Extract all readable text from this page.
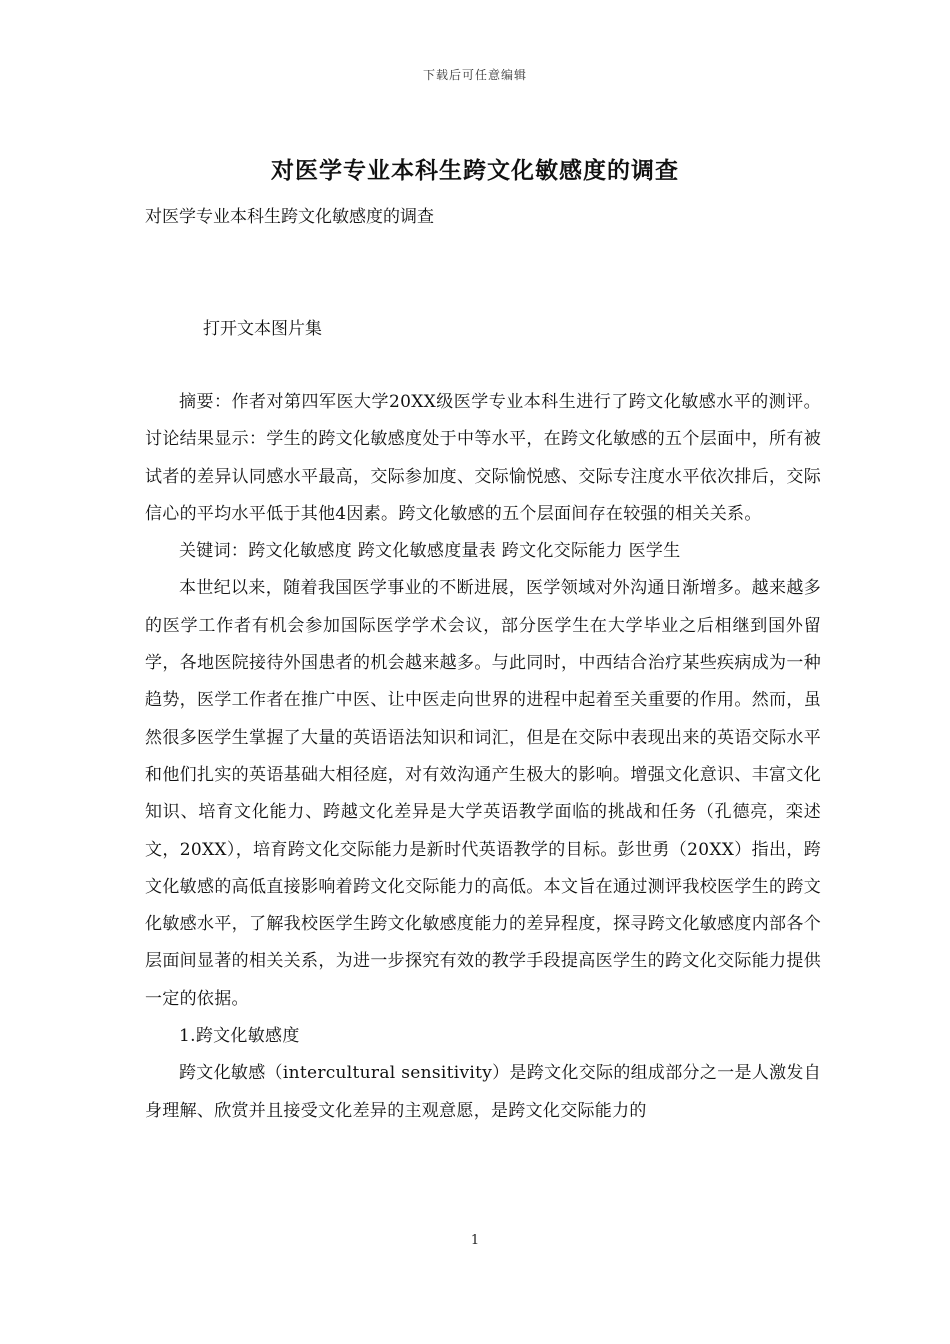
下载后可任意编辑
对医学专业本科生跨文化敏感度的调查
对医学专业本科生跨文化敏感度的调查
打开文本图片集

摘要：作者对第四军医大学20XX级医学专业本科生进行了跨文化敏感水平的测评。讨论结果显示：学生的跨文化敏感度处于中等水平，在跨文化敏感的五个层面中，所有被试者的差异认同感水平最高，交际参加度、交际愉悦感、交际专注度水平依次排后，交际信心的平均水平低于其他4因素。跨文化敏感的五个层面间存在较强的相关关系。

关键词：跨文化敏感度 跨文化敏感度量表 跨文化交际能力 医学生

本世纪以来，随着我国医学事业的不断进展，医学领域对外沟通日渐增多。越来越多的医学工作者有机会参加国际医学学术会议，部分医学生在大学毕业之后相继到国外留学，各地医院接待外国患者的机会越来越多。与此同时，中西结合治疗某些疾病成为一种趋势，医学工作者在推广中医、让中医走向世界的进程中起着至关重要的作用。然而，虽然很多医学生掌握了大量的英语语法知识和词汇，但是在交际中表现出来的英语交际水平和他们扎实的英语基础大相径庭，对有效沟通产生极大的影响。增强文化意识、丰富文化知识、培育文化能力、跨越文化差异是大学英语教学面临的挑战和任务（孔德亮，栾述文，20XX），培育跨文化交际能力是新时代英语教学的目标。彭世勇（20XX）指出，跨文化敏感的高低直接影响着跨文化交际能力的高低。本文旨在通过测评我校医学生的跨文化敏感水平，了解我校医学生跨文化敏感度能力的差异程度，探寻跨文化敏感度内部各个层面间显著的相关关系，为进一步探究有效的教学手段提高医学生的跨文化交际能力提供一定的依据。

1.跨文化敏感度

跨文化敏感（intercultural sensitivity）是跨文化交际的组成部分之一是人激发自身理解、欣赏并且接受文化差异的主观意愿，是跨文化交际能力的

1
